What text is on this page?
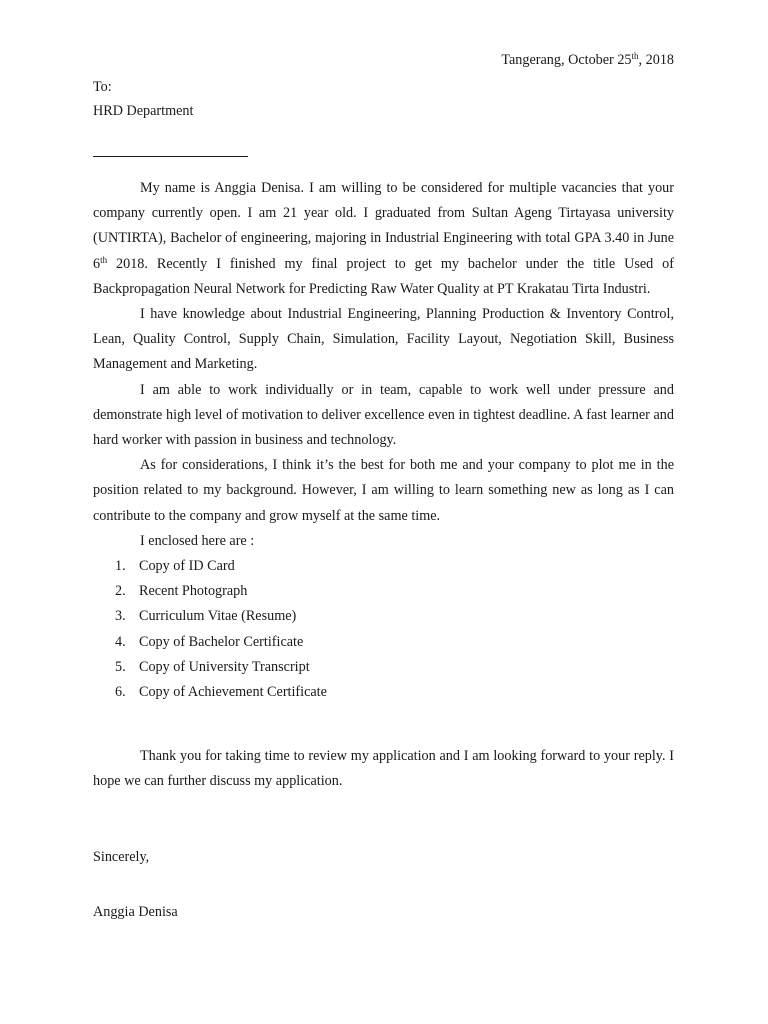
Tangerang, October 25th, 2018
To:
HRD Department

My name is Anggia Denisa. I am willing to be considered for multiple vacancies that your company currently open. I am 21 year old. I graduated from Sultan Ageng Tirtayasa university (UNTIRTA), Bachelor of engineering, majoring in Industrial Engineering with total GPA 3.40 in June 6th 2018. Recently I finished my final project to get my bachelor under the title Used of Backpropagation Neural Network for Predicting Raw Water Quality at PT Krakatau Tirta Industri.

I have knowledge about Industrial Engineering, Planning Production & Inventory Control, Lean, Quality Control, Supply Chain, Simulation, Facility Layout, Negotiation Skill, Business Management and Marketing.

I am able to work individually or in team, capable to work well under pressure and demonstrate high level of motivation to deliver excellence even in tightest deadline. A fast learner and hard worker with passion in business and technology.

As for considerations, I think it’s the best for both me and your company to plot me in the position related to my background. However, I am willing to learn something new as long as I can contribute to the company and grow myself at the same time.

I enclosed here are :

1. Copy of ID Card
2. Recent Photograph
3. Curriculum Vitae (Resume)
4. Copy of Bachelor Certificate
5. Copy of University Transcript
6. Copy of Achievement Certificate

Thank you for taking time to review my application and I am looking forward to your reply. I hope we can further discuss my application.

Sincerely,
Anggia Denisa
